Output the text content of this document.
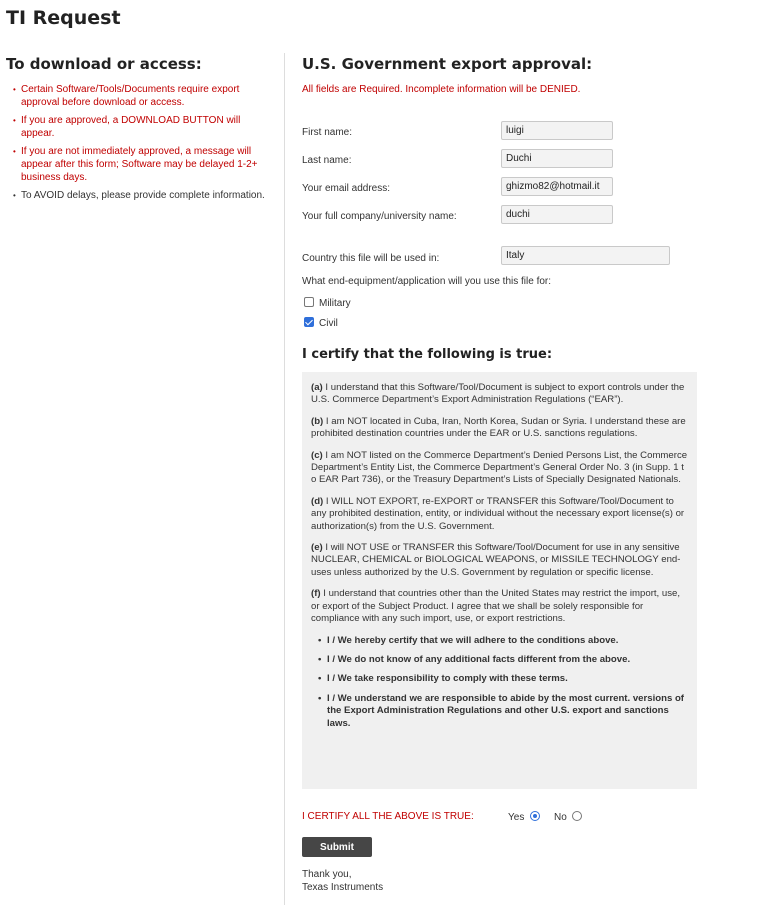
TI Request
To download or access:
• Certain Software/Tools/Documents require export approval before download or access.
• If you are approved, a DOWNLOAD BUTTON will appear.
• If you are not immediately approved, a message will appear after this form; Software may be delayed 1-2+ business days.
• To AVOID delays, please provide complete information.
U.S. Government export approval:
All fields are Required. Incomplete information will be DENIED.
First name:
luigi
Last name:
Duchi
Your email address:
ghizmo82@hotmail.it
Your full company/university name:
duchi
Country this file will be used in:
Italy
What end-equipment/application will you use this file for:
Military
Civil
I certify that the following is true:

(a) I understand that this Software/Tool/Document is subject to export controls under the U.S. Commerce Department’s Export Administration Regulations (“EAR”).

(b) I am NOT located in Cuba, Iran, North Korea, Sudan or Syria. I understand these are prohibited destination countries under the EAR or U.S. sanctions regulations.

(c) I am NOT listed on the Commerce Department’s Denied Persons List, the Commerce Department’s Entity List, the Commerce Department’s General Order No. 3 (in Supp. 1 t o EAR Part 736), or the Treasury Department’s Lists of Specially Designated Nationals.

(d) I WILL NOT EXPORT, re-EXPORT or TRANSFER this Software/Tool/Document to any prohibited destination, entity, or individual without the necessary export license(s) or authorization(s) from the U.S. Government.

(e) I will NOT USE or TRANSFER this Software/Tool/Document for use in any sensitive NUCLEAR, CHEMICAL or BIOLOGICAL WEAPONS, or MISSILE TECHNOLOGY end-uses unless authorized by the U.S. Government by regulation or specific license.

(f) I understand that countries other than the United States may restrict the import, use, or export of the Subject Product. I agree that we shall be solely responsible for compliance with any such import, use, or export restrictions.

• I / We hereby certify that we will adhere to the conditions above.
• I / We do not know of any additional facts different from the above.
• I / We take responsibility to comply with these terms.
• I / We understand we are responsible to abide by the most current. versions of the Export Administration Regulations and other U.S. export and sanctions laws.
I CERTIFY ALL THE ABOVE IS TRUE:	Yes	No
Submit
Thank you,
Texas Instruments
